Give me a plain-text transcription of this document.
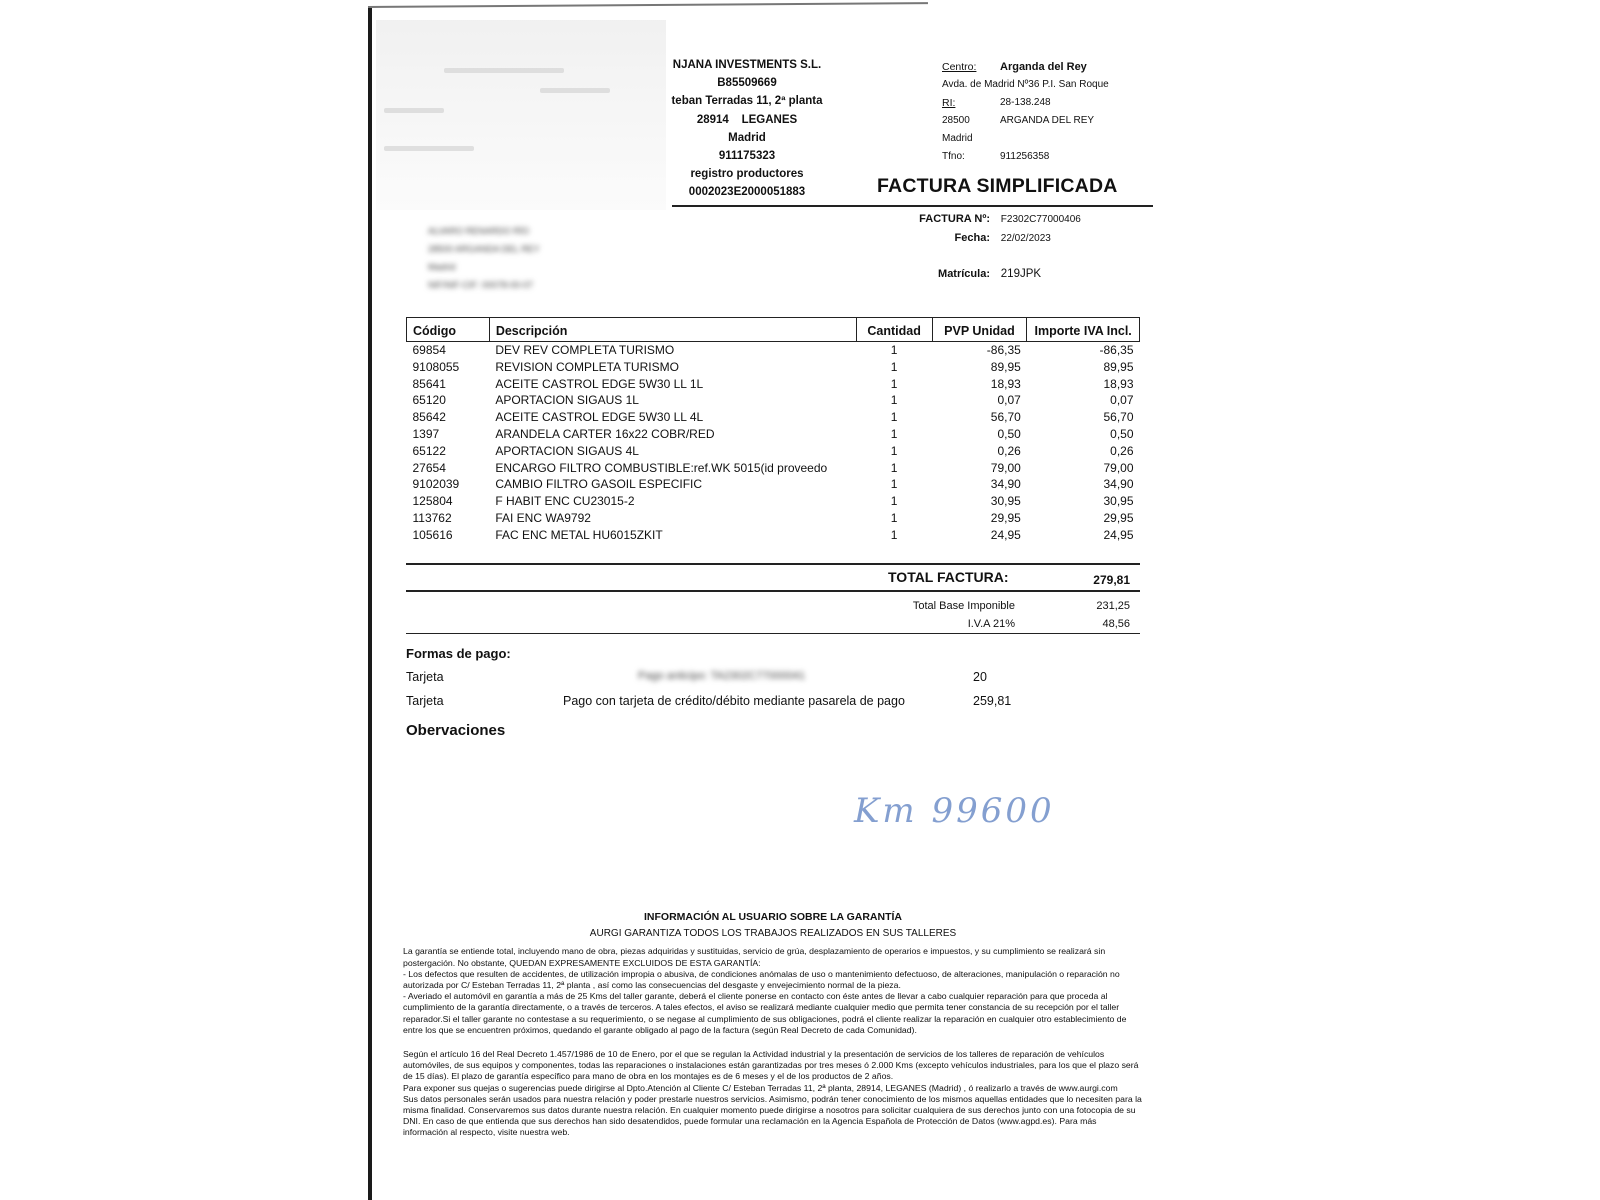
NJANA INVESTMENTS S.L.
B85509669
teban Terradas 11, 2ª planta
28914 LEGANES
Madrid
911175323
registro productores
0002023E2000051883
Centro:	Arganda del Rey
Avda. de Madrid Nº36 P.I. San Roque
RI:	28-138.248
28500	ARGANDA DEL REY
Madrid
Tfno:	911256358
FACTURA SIMPLIFICADA
FACTURA Nº: F2302C77000406
Fecha: 22/02/2023
Matrícula: 219JPK
ALVARO RENARDO RÍO
28500 ARGANDA DEL REY
Madrid
NIF/NIF-CIF: 00078-00-07
Código	Descripción	Cantidad	PVP Unidad	Importe IVA Incl.
69854	DEV REV COMPLETA TURISMO	1	-86,35	-86,35
9108055	REVISION COMPLETA TURISMO	1	89,95	89,95
85641	ACEITE CASTROL EDGE 5W30 LL 1L	1	18,93	18,93
65120	APORTACION SIGAUS 1L	1	0,07	0,07
85642	ACEITE CASTROL EDGE 5W30 LL 4L	1	56,70	56,70
1397	ARANDELA CARTER 16x22 COBR/RED	1	0,50	0,50
65122	APORTACION SIGAUS 4L	1	0,26	0,26
27654	ENCARGO FILTRO COMBUSTIBLE:ref.WK 5015(id proveedo	1	79,00	79,00
9102039	CAMBIO FILTRO GASOIL ESPECIFIC	1	34,90	34,90
125804	F HABIT ENC CU23015-2	1	30,95	30,95
113762	FAI ENC WA9792	1	29,95	29,95
105616	FAC ENC METAL HU6015ZKIT	1	24,95	24,95
TOTAL FACTURA:	279,81
Total Base Imponible	231,25
I.V.A 21%	48,56
Formas de pago:
Tarjeta	Pago anticipo: TA2302C77000041	20
Tarjeta	Pago con tarjeta de crédito/débito mediante pasarela de pago	259,81
Obervaciones
Km 99600
INFORMACIÓN AL USUARIO SOBRE LA GARANTÍA
AURGI GARANTIZA TODOS LOS TRABAJOS REALIZADOS EN SUS TALLERES

La garantía se entiende total, incluyendo mano de obra, piezas adquiridas y sustituidas, servicio de grúa, desplazamiento de operarios e impuestos, y su cumplimiento se realizará sin postergación. No obstante, QUEDAN EXPRESAMENTE EXCLUIDOS DE ESTA GARANTÍA:

- Los defectos que resulten de accidentes, de utilización impropia o abusiva, de condiciones anómalas de uso o mantenimiento defectuoso, de alteraciones, manipulación o reparación no autorizada por C/ Esteban Terradas 11, 2ª planta , así como las consecuencias del desgaste y envejecimiento normal de la pieza.

- Averiado el automóvil en garantía a más de 25 Kms del taller garante, deberá el cliente ponerse en contacto con éste antes de llevar a cabo cualquier reparación para que proceda al cumplimiento de la garantía directamente, o a través de terceros. A tales efectos, el aviso se realizará mediante cualquier medio que permita tener constancia de su recepción por el taller reparador.Si el taller garante no contestase a su requerimiento, o se negase al cumplimiento de sus obligaciones, podrá el cliente realizar la reparación en cualquier otro establecimiento de entre los que se encuentren próximos, quedando el garante obligado al pago de la factura (según Real Decreto de cada Comunidad).

Según el artículo 16 del Real Decreto 1.457/1986 de 10 de Enero, por el que se regulan la Actividad industrial y la presentación de servicios de los talleres de reparación de vehículos automóviles, de sus equipos y componentes, todas las reparaciones o instalaciones están garantizadas por tres meses ó 2.000 Kms (excepto vehículos industriales, para los que el plazo será de 15 días). El plazo de garantía específico para mano de obra en los montajes es de 6 meses y el de los productos de 2 años.

Para exponer sus quejas o sugerencias puede dirigirse al Dpto.Atención al Cliente C/ Esteban Terradas 11, 2ª planta, 28914, LEGANES (Madrid) , ó realizarlo a través de www.aurgi.com

Sus datos personales serán usados para nuestra relación y poder prestarle nuestros servicios. Asimismo, podrán tener conocimiento de los mismos aquellas entidades que lo necesiten para la misma finalidad. Conservaremos sus datos durante nuestra relación. En cualquier momento puede dirigirse a nosotros para solicitar cualquiera de sus derechos junto con una fotocopia de su DNI. En caso de que entienda que sus derechos han sido desatendidos, puede formular una reclamación en la Agencia Española de Protección de Datos (www.agpd.es). Para más información al respecto, visite nuestra web.
